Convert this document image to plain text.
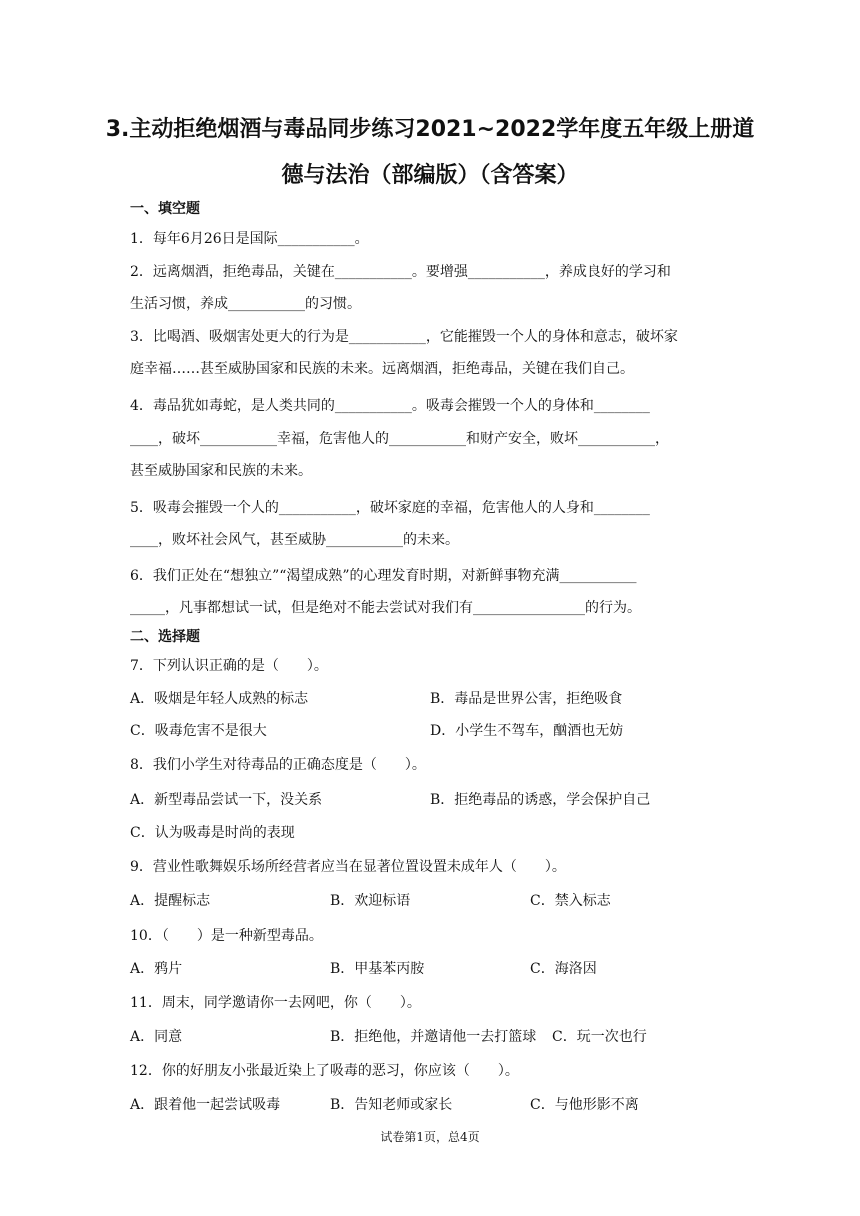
3.主动拒绝烟酒与毒品同步练习2021~2022学年度五年级上册道
德与法治（部编版）（含答案）
一、填空题
1．每年6月26日是国际___________。
2．远离烟酒，拒绝毒品，关键在___________。要增强___________，养成良好的学习和
生活习惯，养成___________的习惯。
3．比喝酒、吸烟害处更大的行为是___________，它能摧毁一个人的身体和意志，破坏家
庭幸福……甚至威胁国家和民族的未来。远离烟酒，拒绝毒品，关键在我们自己。
4．毒品犹如毒蛇，是人类共同的___________。吸毒会摧毁一个人的身体和________
____，破坏___________幸福，危害他人的___________和财产安全，败坏___________，
甚至威胁国家和民族的未来。
5．吸毒会摧毁一个人的___________，破坏家庭的幸福，危害他人的人身和________
____，败坏社会风气，甚至威胁___________的未来。
6．我们正处在“想独立”“渴望成熟”的心理发育时期，对新鲜事物充满___________
_____，凡事都想试一试，但是绝对不能去尝试对我们有________________的行为。
二、选择题
7．下列认识正确的是（　　）。
A．吸烟是年轻人成熟的标志	B．毒品是世界公害，拒绝吸食
C．吸毒危害不是很大	D．小学生不驾车，酗酒也无妨
8．我们小学生对待毒品的正确态度是（　　）。
A．新型毒品尝试一下，没关系	B．拒绝毒品的诱惑，学会保护自己
C．认为吸毒是时尚的表现
9．营业性歌舞娱乐场所经营者应当在显著位置设置未成年人（　　）。
A．提醒标志	B．欢迎标语	C．禁入标志
10．（　　）是一种新型毒品。
A．鸦片	B．甲基苯丙胺	C．海洛因
11．周末，同学邀请你一去网吧，你（　　）。
A．同意	B．拒绝他，并邀请他一去打篮球 C．玩一次也行
12．你的好朋友小张最近染上了吸毒的恶习，你应该（　　）。
A．跟着他一起尝试吸毒	B．告知老师或家长	C．与他形影不离
试卷第1页，总4页
